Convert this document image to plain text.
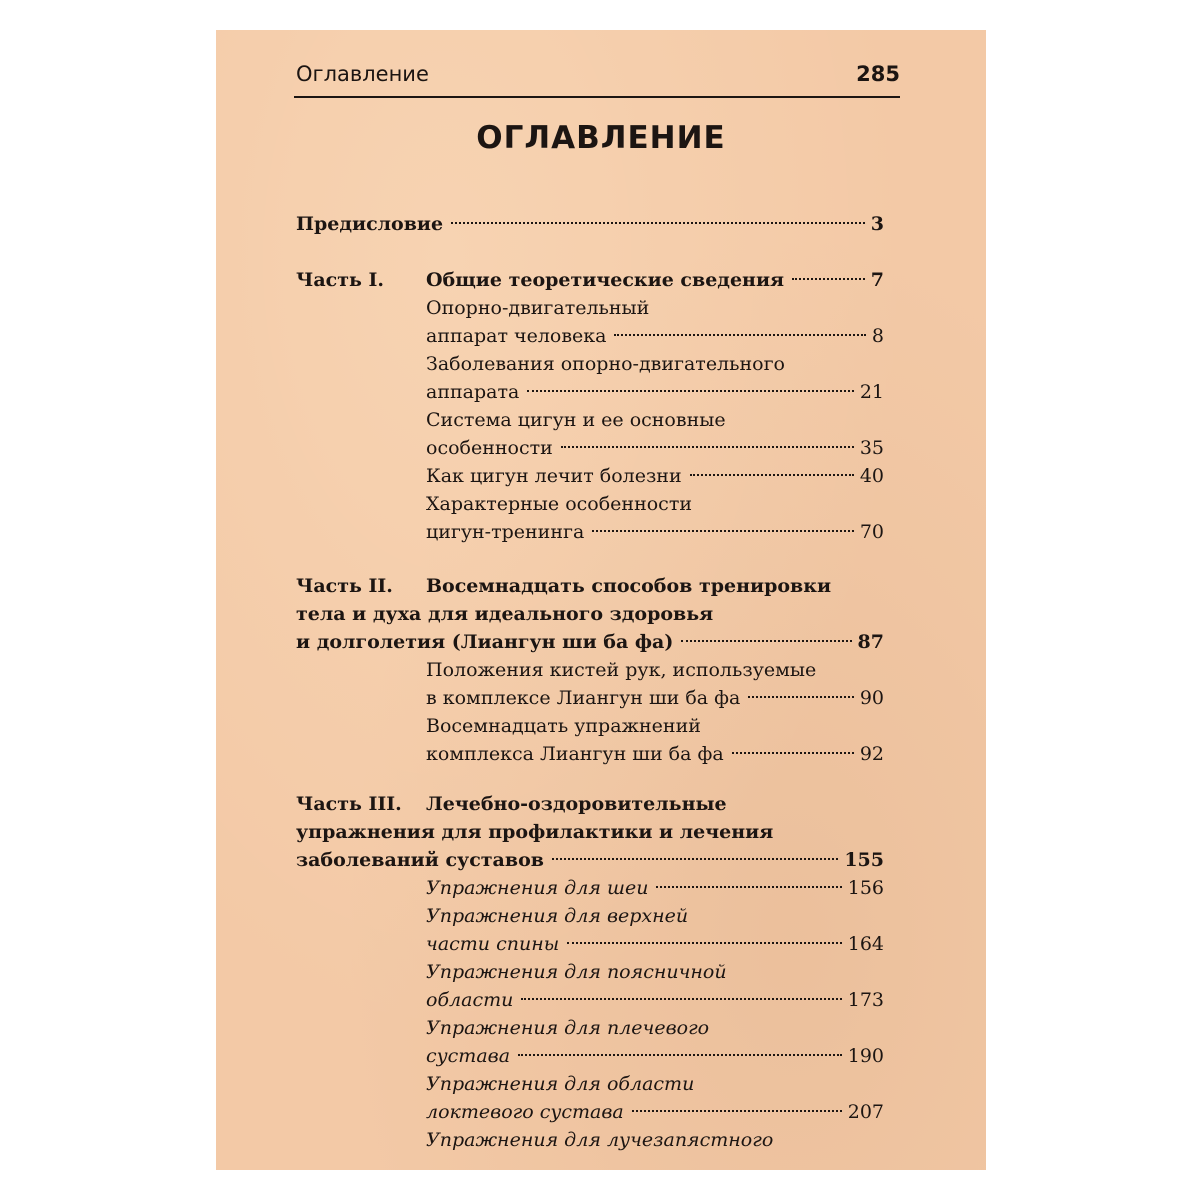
Оглавление	285
ОГЛАВЛЕНИЕ
Предисловие	3
Часть I. Общие теоретические сведения	7
Опорно-двигательный
аппарат человека	8
Заболевания опорно-двигательного
аппарата	21
Система цигун и ее основные
особенности	35
Как цигун лечит болезни	40
Характерные особенности
цигун-тренинга	70
Часть II. Восемнадцать способов тренировки
тела и духа для идеального здоровья
и долголетия (Лиангун ши ба фа)	87
Положения кистей рук, используемые
в комплексе Лиангун ши ба фа	90
Восемнадцать упражнений
комплекса Лиангун ши ба фа	92
Часть III. Лечебно-оздоровительные
упражнения для профилактики и лечения
заболеваний суставов	155
Упражнения для шеи	156
Упражнения для верхней
части спины	164
Упражнения для поясничной
области	173
Упражнения для плечевого
сустава	190
Упражнения для области
локтевого сустава	207
Упражнения для лучезапястного
